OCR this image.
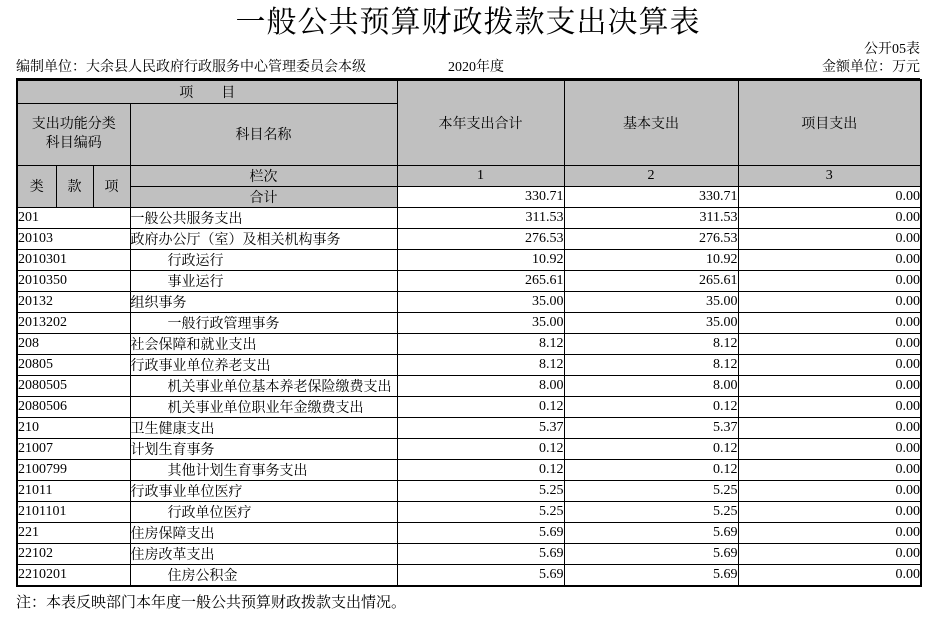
一般公共预算财政拨款支出决算表
公开05表
编制单位：大余县人民政府行政服务中心管理委员会本级	2020年度	金额单位：万元
项　　目				本年支出合计	基本支出	项目支出

支出功能分类
科目编码			科目名称			
类	款	项	栏次	1	2	3
			合计	330.71	330.71	0.00
201			一般公共服务支出	311.53	311.53	0.00
20103			政府办公厅（室）及相关机构事务	276.53	276.53	0.00
2010301			行政运行	10.92	10.92	0.00
2010350			事业运行	265.61	265.61	0.00
20132			组织事务	35.00	35.00	0.00
2013202			一般行政管理事务	35.00	35.00	0.00
208			社会保障和就业支出	8.12	8.12	0.00
20805			行政事业单位养老支出	8.12	8.12	0.00
2080505			机关事业单位基本养老保险缴费支出	8.00	8.00	0.00
2080506			机关事业单位职业年金缴费支出	0.12	0.12	0.00
210			卫生健康支出	5.37	5.37	0.00
21007			计划生育事务	0.12	0.12	0.00
2100799			其他计划生育事务支出	0.12	0.12	0.00
21011			行政事业单位医疗	5.25	5.25	0.00
2101101			行政单位医疗	5.25	5.25	0.00
221			住房保障支出	5.69	5.69	0.00
22102			住房改革支出	5.69	5.69	0.00
2210201			住房公积金	5.69	5.69	0.00
注：本表反映部门本年度一般公共预算财政拨款支出情况。
